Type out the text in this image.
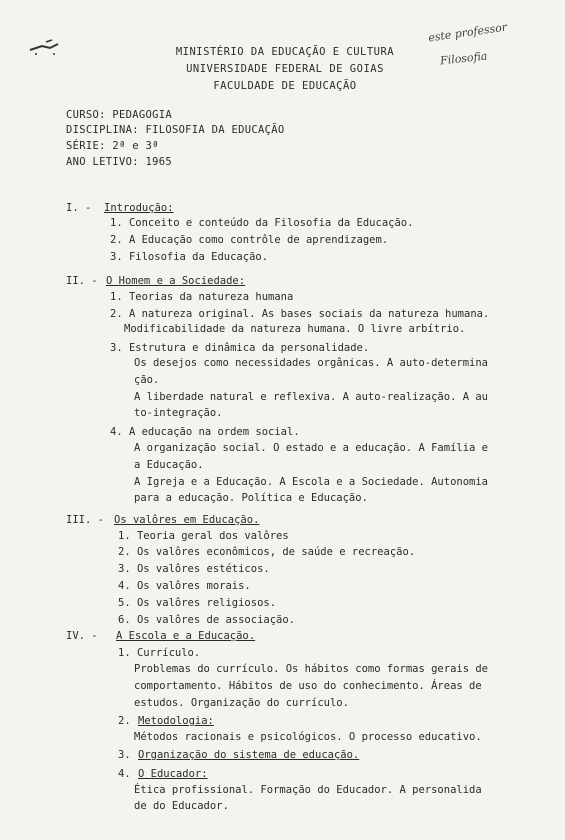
este professor
Filosofia
MINISTÉRIO DA EDUCAÇÃO E CULTURA
UNIVERSIDADE FEDERAL DE GOIAS
FACULDADE DE EDUCAÇÃO
CURSO: PEDAGOGIA
DISCIPLINA: FILOSOFIA DA EDUCAÇÃO
SÉRIE: 2ª e 3ª
ANO LETIVO: 1965
I. - Introdução:
1. Conceito e conteúdo da Filosofia da Educação.
2. A Educação como contrôle de aprendizagem.
3. Filosofia da Educação.
II. - O Homem e a Sociedade:
1. Teorias da natureza humana
2. A natureza original. As bases sociais da natureza humana.
Modificabilidade da natureza humana. O livre arbítrio.
3. Estrutura e dinâmica da personalidade.
Os desejos como necessidades orgânicas. A auto-determina
ção.
A liberdade natural e reflexiva. A auto-realização. A au
to-integração.
4. A educação na ordem social.
A organização social. O estado e a educação. A Família e
a Educação.
A Igreja e a Educação. A Escola e a Sociedade. Autonomia
para a educação. Política e Educação.
III. - Os valôres em Educação.
1. Teoria geral dos valôres
2. Os valôres econômicos, de saúde e recreação.
3. Os valôres estéticos.
4. Os valôres morais.
5. Os valôres religiosos.
6. Os valôres de associação.
IV. - A Escola e a Educação.
1. Currículo.
Problemas do currículo. Os hábitos como formas gerais de
comportamento. Hábitos de uso do conhecimento. Áreas de
estudos. Organização do currículo.
2. Metodologia:
Métodos racionais e psicológicos. O processo educativo.
3. Organização do sistema de educação.
4. O Educador:
Ética profissional. Formação do Educador. A personalida
de do Educador.
